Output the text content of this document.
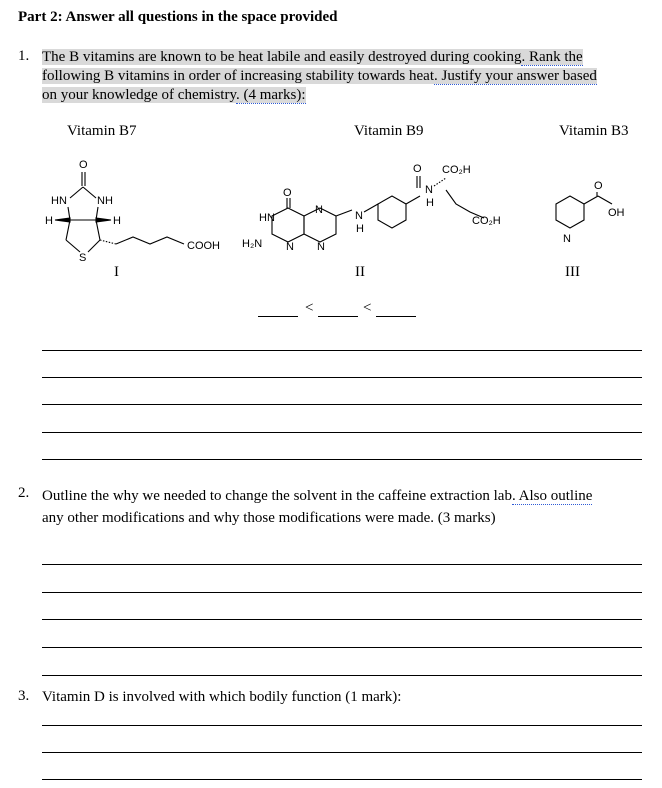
Part 2: Answer all questions in the space provided
1. The B vitamins are known to be heat labile and easily destroyed during cooking. Rank the
following B vitamins in order of increasing stability towards heat. Justify your answer based
on your knowledge of chemistry. (4 marks):
Vitamin B7	Vitamin B9	Vitamin B3
O
HN	NH
H	H
S
COOH
O
HN
H₂N N
N
N
N
H
O
N
H
CO₂H
CO₂H
O
OH
N
I	II	III
<	<
2. Outline the why we needed to change the solvent in the caffeine extraction lab. Also outline
any other modifications and why those modifications were made. (3 marks)
3. Vitamin D is involved with which bodily function (1 mark):
